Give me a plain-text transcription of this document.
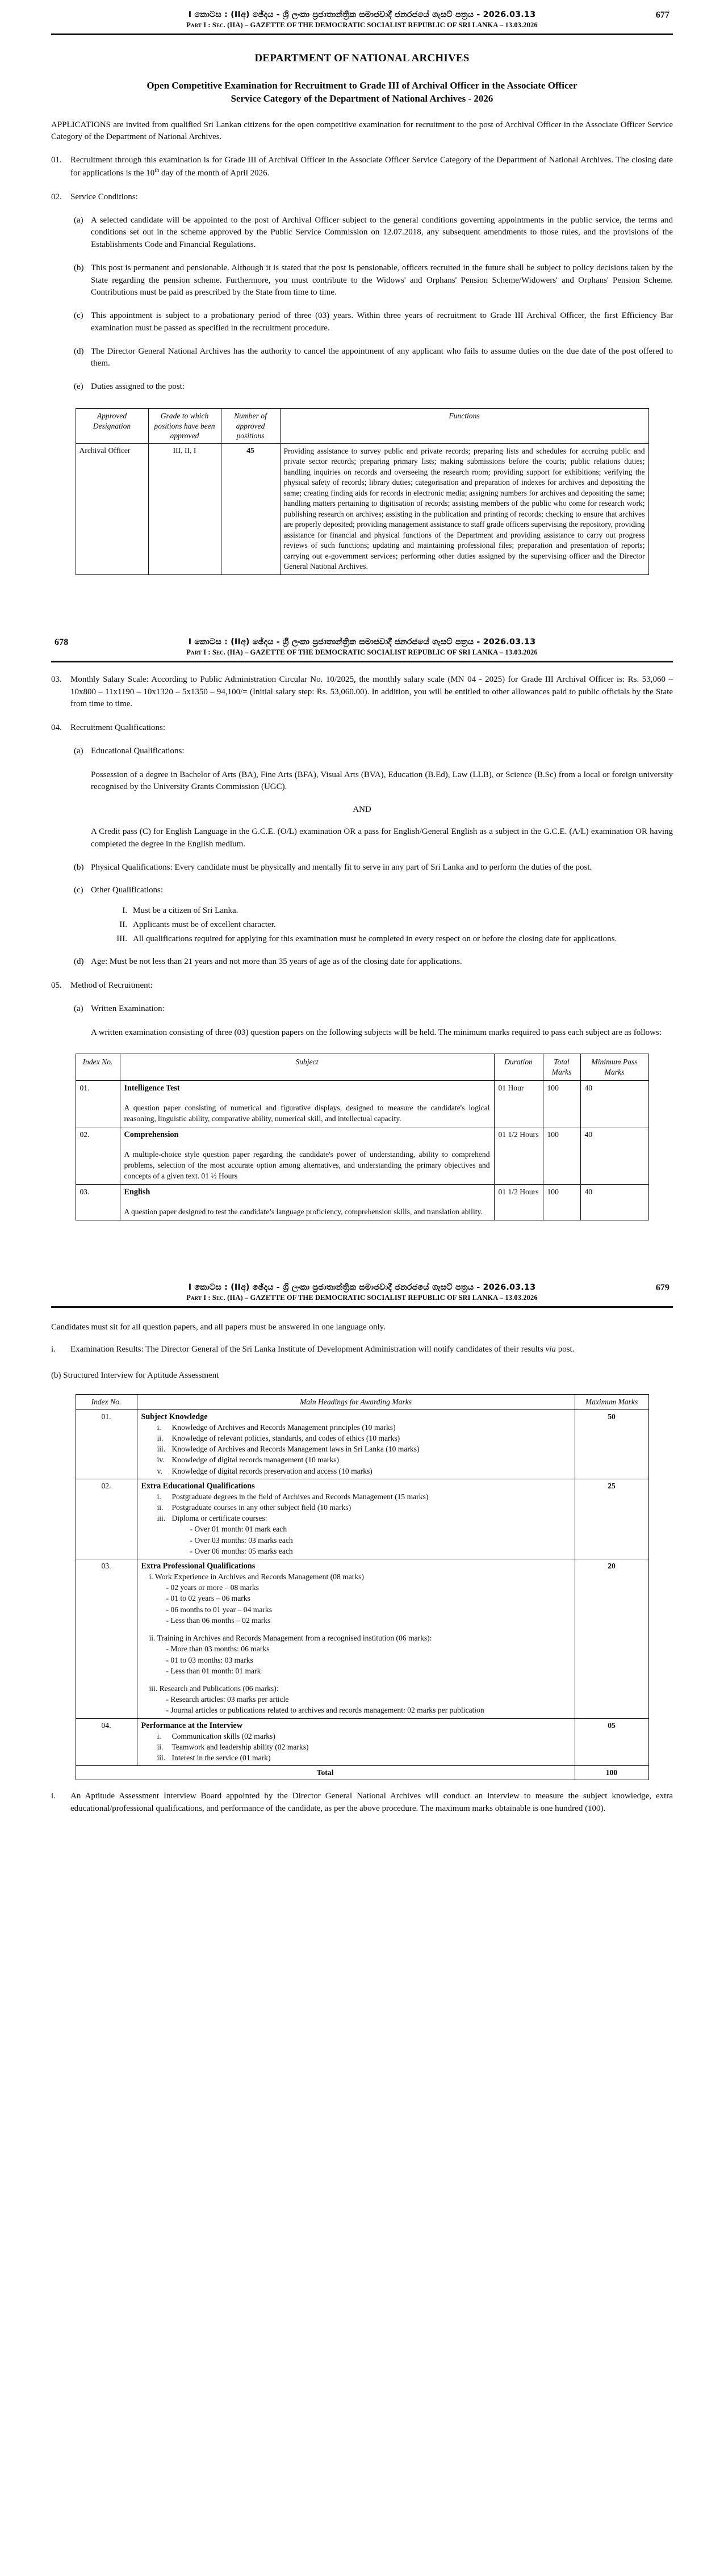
I කොටස : (IIඅ) ඡේදය - ශ්‍රී ලංකා ප්‍රජාතාන්ත්‍රික සමාජවාදී ජනරජයේ ගැසට් පත්‍රය - 2026.03.13	677
Part I : Sec. (IIA) – GAZETTE OF THE DEMOCRATIC SOCIALIST REPUBLIC OF SRI LANKA – 13.03.2026
DEPARTMENT OF NATIONAL ARCHIVES
Open Competitive Examination for Recruitment to Grade III of Archival Officer in the Associate Officer
Service Category of the Department of National Archives - 2026

APPLICATIONS are invited from qualified Sri Lankan citizens for the open competitive examination for recruitment to the post of Archival Officer in the Associate Officer Service Category of the Department of National Archives.

01.	Recruitment through this examination is for Grade III of Archival Officer in the Associate Officer Service Category of the Department of National Archives. The closing date for applications is the 10th day of the month of April 2026.
02.	Service Conditions:
(a) A selected candidate will be appointed to the post of Archival Officer subject to the general conditions governing appointments in the public service, the terms and conditions set out in the scheme approved by the Public Service Commission on 12.07.2018, any subsequent amendments to those rules, and the provisions of the Establishments Code and Financial Regulations.
(b) This post is permanent and pensionable. Although it is stated that the post is pensionable, officers recruited in the future shall be subject to policy decisions taken by the State regarding the pension scheme. Furthermore, you must contribute to the Widows' and Orphans' Pension Scheme/Widowers' and Orphans' Pension Scheme. Contributions must be paid as prescribed by the State from time to time.
(c) This appointment is subject to a probationary period of three (03) years. Within three years of recruitment to Grade III Archival Officer, the first Efficiency Bar examination must be passed as specified in the recruitment procedure.
(d) The Director General National Archives has the authority to cancel the appointment of any applicant who fails to assume duties on the due date of the post offered to them.
(e) Duties assigned to the post:
Approved Designation	Grade to which positions have been approved	Number of approved positions	Functions
Archival Officer	III, II, I	45	Providing assistance to survey public and private records; preparing lists and schedules for accruing public and private sector records; preparing primary lists; making submissions before the courts; public relations duties; handling inquiries on records and overseeing the research room; providing support for exhibitions; verifying the physical safety of records; library duties; categorisation and preparation of indexes for archives and depositing the same; creating finding aids for records in electronic media; assigning numbers for archives and depositing the same; handling matters pertaining to digitisation of records; assisting members of the public who come for research work; publishing research on archives; assisting in the publication and printing of records; checking to ensure that archives are properly deposited; providing management assistance to staff grade officers supervising the repository, providing assistance for financial and physical functions of the Department and providing assistance to carry out progress reviews of such functions; updating and maintaining professional files; preparation and presentation of reports; carrying out e-government services; performing other duties assigned by the supervising officer and the Director General National Archives.
678	I කොටස : (IIඅ) ඡේදය - ශ්‍රී ලංකා ප්‍රජාතාන්ත්‍රික සමාජවාදී ජනරජයේ ගැසට් පත්‍රය - 2026.03.13
Part I : Sec. (IIA) – GAZETTE OF THE DEMOCRATIC SOCIALIST REPUBLIC OF SRI LANKA – 13.03.2026
03.	Monthly Salary Scale: According to Public Administration Circular No. 10/2025, the monthly salary scale (MN 04 - 2025) for Grade III Archival Officer is: Rs. 53,060 – 10x800 – 11x1190 – 10x1320 – 5x1350 – 94,100/= (Initial salary step: Rs. 53,060.00). In addition, you will be entitled to other allowances paid to public officials by the State from time to time.
04.	Recruitment Qualifications:
(a) Educational Qualifications:
Possession of a degree in Bachelor of Arts (BA), Fine Arts (BFA), Visual Arts (BVA), Education (B.Ed), Law (LLB), or Science (B.Sc) from a local or foreign university recognised by the University Grants Commission (UGC).
AND
A Credit pass (C) for English Language in the G.C.E. (O/L) examination OR a pass for English/General English as a subject in the G.C.E. (A/L) examination OR having completed the degree in the English medium.
(b) Physical Qualifications: Every candidate must be physically and mentally fit to serve in any part of Sri Lanka and to perform the duties of the post.
(c) Other Qualifications:
I. Must be a citizen of Sri Lanka.
II. Applicants must be of excellent character.
III. All qualifications required for applying for this examination must be completed in every respect on or before the closing date for applications.
(d) Age: Must be not less than 21 years and not more than 35 years of age as of the closing date for applications.
05.	Method of Recruitment:
(a) Written Examination:
A written examination consisting of three (03) question papers on the following subjects will be held. The minimum marks required to pass each subject are as follows:
Index No.	Subject	Duration	Total Marks	Minimum Pass Marks
01.	Intelligence Test
A question paper consisting of numerical and figurative displays, designed to measure the candidate's logical reasoning, linguistic ability, comparative ability, numerical skill, and intellectual capacity.	01 Hour	100	40
02.	Comprehension
A multiple-choice style question paper regarding the candidate's power of understanding, ability to comprehend problems, selection of the most accurate option among alternatives, and understanding the primary objectives and concepts of a given text. 01 ½ Hours	01 1/2 Hours	100	40
03.	English
A question paper designed to test the candidate’s language proficiency, comprehension skills, and translation ability.	01 1/2 Hours	100	40
I කොටස : (IIඅ) ඡේදය - ශ්‍රී ලංකා ප්‍රජාතාන්ත්‍රික සමාජවාදී ජනරජයේ ගැසට් පත්‍රය - 2026.03.13	679
Part I : Sec. (IIA) – GAZETTE OF THE DEMOCRATIC SOCIALIST REPUBLIC OF SRI LANKA – 13.03.2026

Candidates must sit for all question papers, and all papers must be answered in one language only.

i.	Examination Results: The Director General of the Sri Lanka Institute of Development Administration will notify candidates of their results via post.

(b) Structured Interview for Aptitude Assessment

Index No.	Main Headings for Awarding Marks	Maximum Marks
01.	Subject Knowledge
i.	Knowledge of Archives and Records Management principles (10 marks)
ii.	Knowledge of relevant policies, standards, and codes of ethics (10 marks)
iii. Knowledge of Archives and Records Management laws in Sri Lanka (10 marks)
iv. Knowledge of digital records management (10 marks)
v.	Knowledge of digital records preservation and access (10 marks)
	50
02.	Extra Educational Qualifications
i.	Postgraduate degrees in the field of Archives and Records Management (15 marks)
ii.	Postgraduate courses in any other subject field (10 marks)
iii. Diploma or certificate courses:
- Over 01 month: 01 mark each
- Over 03 months: 03 marks each
- Over 06 months: 05 marks each
	25
03.	Extra Professional Qualifications
i. Work Experience in Archives and Records Management (08 marks)
- 02 years or more – 08 marks
- 01 to 02 years – 06 marks
- 06 months to 01 year – 04 marks
- Less than 06 months – 02 marks
ii. Training in Archives and Records Management from a recognised institution (06 marks):
- More than 03 months: 06 marks
- 01 to 03 months: 03 marks
- Less than 01 month: 01 mark
iii. Research and Publications (06 marks):
- Research articles: 03 marks per article
- Journal articles or publications related to archives and records management: 02 marks per publication
	20
04.	Performance at the Interview
i.	Communication skills (02 marks)
ii.	Teamwork and leadership ability (02 marks)
iii. Interest in the service (01 mark)
	05
Total		100
i.	An Aptitude Assessment Interview Board appointed by the Director General National Archives will conduct an interview to measure the subject knowledge, extra educational/professional qualifications, and performance of the candidate, as per the above procedure. The maximum marks obtainable is one hundred (100).
